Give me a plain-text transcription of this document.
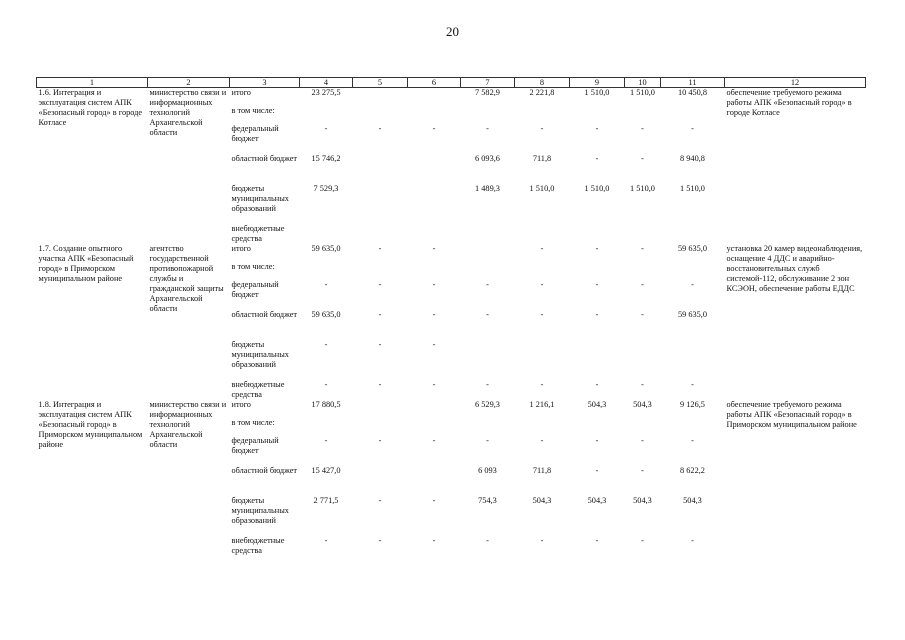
20
1	2	3	4	5	6	7	8	9	10	11	12
1.6. Интеграция и эксплуатация систем АПК «Безопасный город» в городе Котласе	министерство связи и информационных технологий Архангельской области	итого	23 275,5			7 582,9	2 221,8	1 510,0	1 510,0	10 450,8	обеспечение требуемого режима работы АПК «Безопасный город» в городе Котласе
		в том числе:									
		федеральный бюджет	-	-	-	-	-	-	-	-	
		областной бюджет	15 746,2			6 093,6	711,8	-	-	8 940,8	
		бюджеты муниципальных образований	7 529,3			1 489,3	1 510,0	1 510,0	1 510,0	1 510,0	
		внебюджетные средства									
1.7. Создание опытного участка АПК «Безопасный город» в Приморском муниципальном районе	агентство государственной противопожарной службы и гражданской защиты Архангельской области	итого	59 635,0	-	-		-	-	-	59 635,0	установка 20 камер видеонаблюдения, оснащение 4 ДДС и аварийно-восстановительных служб системой-112, обслуживание 2 зон КСЭОН, обеспечение работы ЕДДС
		в том числе:									
		федеральный бюджет	-	-	-	-	-	-	-	-	
		областной бюджет	59 635,0	-	-	-	-	-	-	59 635,0	
		бюджеты муниципальных образований	-	-	-						
		внебюджетные средства	-	-	-	-	-	-	-	-	
1.8. Интеграция и эксплуатация систем АПК «Безопасный город» в Приморском муниципальном районе	министерство связи и информационных технологий Архангельской области	итого	17 880,5			6 529,3	1 216,1	504,3	504,3	9 126,5	обеспечение требуемого режима работы АПК «Безопасный город» в Приморском муниципальном районе
		в том числе:									
		федеральный бюджет	-	-	-	-	-	-	-	-	
		областной бюджет	15 427,0			6 093	711,8	-	-	8 622,2	
		бюджеты муниципальных образований	2 771,5	-	-	754,3	504,3	504,3	504,3	504,3	
		внебюджетные средства	-	-	-	-	-	-	-	-	
